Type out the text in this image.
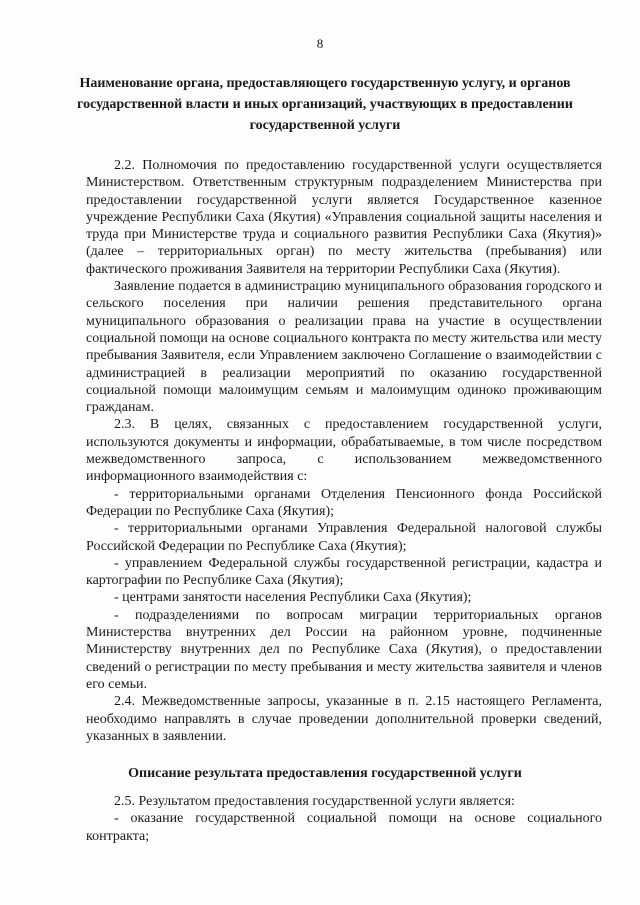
8
Наименование органа, предоставляющего государственную услугу, и органов государственной власти и иных организаций, участвующих в предоставлении государственной услуги

2.2. Полномочия по предоставлению государственной услуги осуществляется Министерством. Ответственным структурным подразделением Министерства при предоставлении государственной услуги является Государственное казенное учреждение Республики Саха (Якутия) «Управления социальной защиты населения и труда при Министерстве труда и социального развития Республики Саха (Якутия)» (далее – территориальных орган) по месту жительства (пребывания) или фактического проживания Заявителя на территории Республики Саха (Якутия).

Заявление подается в администрацию муниципального образования городского и сельского поселения при наличии решения представительного органа муниципального образования о реализации права на участие в осуществлении социальной помощи на основе социального контракта по месту жительства или месту пребывания Заявителя, если Управлением заключено Соглашение о взаимодействии с администрацией в реализации мероприятий по оказанию государственной социальной помощи малоимущим семьям и малоимущим одиноко проживающим гражданам.

2.3. В целях, связанных с предоставлением государственной услуги, используются документы и информации, обрабатываемые, в том числе посредством межведомственного запроса, с использованием межведомственного информационного взаимодействия с:

- территориальными органами Отделения Пенсионного фонда Российской Федерации по Республике Саха (Якутия);

- территориальными органами Управления Федеральной налоговой службы Российской Федерации по Республике Саха (Якутия);

- управлением Федеральной службы государственной регистрации, кадастра и картографии по Республике Саха (Якутия);

- центрами занятости населения Республики Саха (Якутия);

- подразделениями по вопросам миграции территориальных органов Министерства внутренних дел России на районном уровне, подчиненные Министерству внутренних дел по Республике Саха (Якутия), о предоставлении сведений о регистрации по месту пребывания и месту жительства заявителя и членов его семьи.

2.4. Межведомственные запросы, указанные в п. 2.15 настоящего Регламента, необходимо направлять в случае проведении дополнительной проверки сведений, указанных в заявлении.

Описание результата предоставления государственной услуги

2.5. Результатом предоставления государственной услуги является:

- оказание государственной социальной помощи на основе социального контракта;
